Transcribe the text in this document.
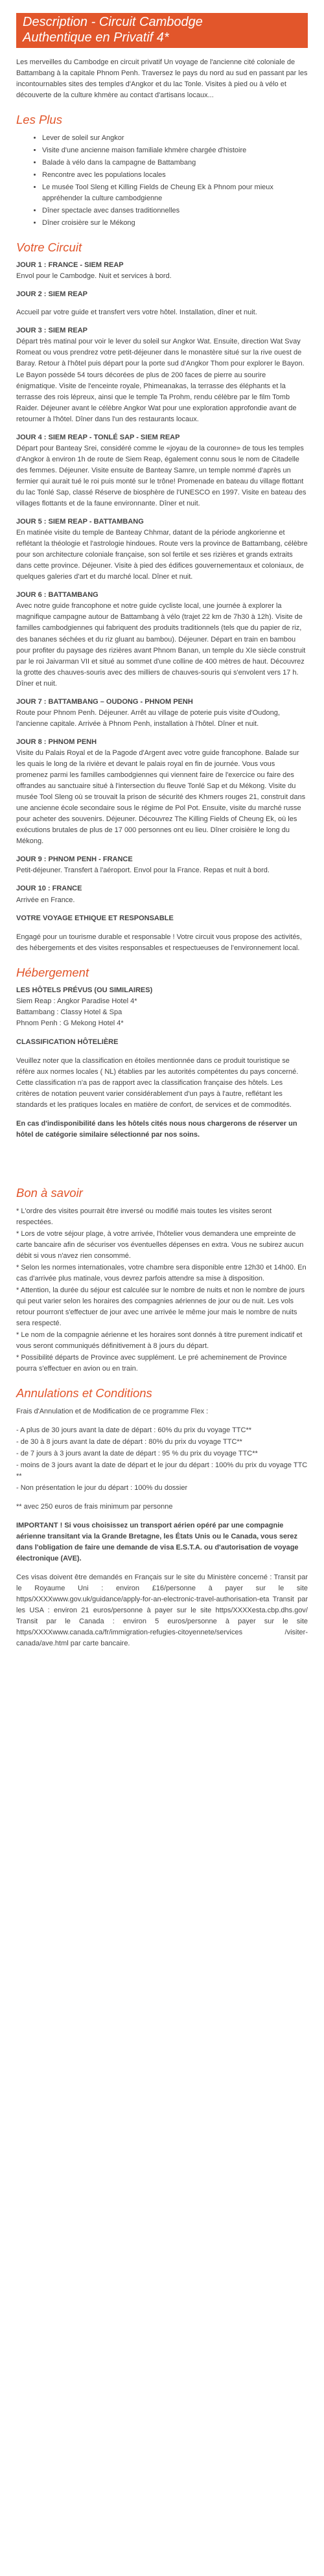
Description - Circuit Cambodge
Authentique en Privatif 4*

Les merveilles du Cambodge en circuit privatif Un voyage de l'ancienne cité coloniale de Battambang à la capitale Phnom Penh. Traversez le pays du nord au sud en passant par les incontournables sites des temples d'Angkor et du lac Tonle. Visites à pied ou à vélo et découverte de la culture khmère au contact d'artisans locaux...

Les Plus
• Lever de soleil sur Angkor
• Visite d'une ancienne maison familiale khmère chargée d'histoire
• Balade à vélo dans la campagne de Battambang
• Rencontre avec les populations locales
• Le musée Tool Sleng et Killing Fields de Cheung Ek à Phnom pour mieux appréhender la culture cambodgienne
• Dîner spectacle avec danses traditionnelles
• Dîner croisière sur le Mékong
Votre Circuit

JOUR 1 : FRANCE - SIEM REAP

Envol pour le Cambodge. Nuit et services à bord.

JOUR 2 : SIEM REAP

Accueil par votre guide et transfert vers votre hôtel. Installation, dîner et nuit.

JOUR 3 : SIEM REAP

Départ très matinal pour voir le lever du soleil sur Angkor Wat. Ensuite, direction Wat Svay Romeat ou vous prendrez votre petit-déjeuner dans le monastère situé sur la rive ouest de Baray. Retour à l'hôtel puis départ pour la porte sud d'Angkor Thom pour explorer le Bayon. Le Bayon possède 54 tours décorées de plus de 200 faces de pierre au sourire énigmatique. Visite de l'enceinte royale, Phimeanakas, la terrasse des éléphants et la terrasse des rois lépreux, ainsi que le temple Ta Prohm, rendu célèbre par le film Tomb Raider. Déjeuner avant le célèbre Angkor Wat pour une exploration approfondie avant de retourner à l'hôtel. Dîner dans l'un des restaurants locaux.

JOUR 4 : SIEM REAP - TONLÉ SAP - SIEM REAP

Départ pour Banteay Srei, considéré comme le «joyau de la couronne» de tous les temples d'Angkor à environ 1h de route de Siem Reap, également connu sous le nom de Citadelle des femmes. Déjeuner. Visite ensuite de Banteay Samre, un temple nommé d'après un fermier qui aurait tué le roi puis monté sur le trône! Promenade en bateau du village flottant du lac Tonlé Sap, classé Réserve de biosphère de l'UNESCO en 1997. Visite en bateau des villages flottants et de la faune environnante. Dîner et nuit.

JOUR 5 : SIEM REAP - BATTAMBANG

En matinée visite du temple de Banteay Chhmar, datant de la période angkorienne et reflétant la théologie et l'astrologie hindoues. Route vers la province de Battambang, célèbre pour son architecture coloniale française, son sol fertile et ses rizières et grands extraits dans cette province. Déjeuner. Visite à pied des édifices gouvernementaux et coloniaux, de quelques galeries d'art et du marché local. Dîner et nuit.

JOUR 6 : BATTAMBANG

Avec notre guide francophone et notre guide cycliste local, une journée à explorer la magnifique campagne autour de Battambang à vélo (trajet 22 km de 7h30 à 12h). Visite de familles cambodgiennes qui fabriquent des produits traditionnels (tels que du papier de riz, des bananes séchées et du riz gluant au bambou). Déjeuner. Départ en train en bambou pour profiter du paysage des rizières avant Phnom Banan, un temple du XIe siècle construit par le roi Jaivarman VII et situé au sommet d'une colline de 400 mètres de haut. Découvrez la grotte des chauves-souris avec des milliers de chauves-souris qui s'envolent vers 17 h. Dîner et nuit.

JOUR 7 : BATTAMBANG – OUDONG - PHNOM PENH

Route pour Phnom Penh. Déjeuner. Arrêt au village de poterie puis visite d'Oudong, l'ancienne capitale. Arrivée à Phnom Penh, installation à l'hôtel. Dîner et nuit.

JOUR 8 : PHNOM PENH

Visite du Palais Royal et de la Pagode d'Argent avec votre guide francophone. Balade sur les quais le long de la rivière et devant le palais royal en fin de journée. Vous vous promenez parmi les familles cambodgiennes qui viennent faire de l'exercice ou faire des offrandes au sanctuaire situé à l'intersection du fleuve Tonlé Sap et du Mékong. Visite du musée Tool Sleng où se trouvait la prison de sécurité des Khmers rouges 21, construit dans une ancienne école secondaire sous le régime de Pol Pot. Ensuite, visite du marché russe pour acheter des souvenirs. Déjeuner. Découvrez The Killing Fields of Cheung Ek, où les exécutions brutales de plus de 17 000 personnes ont eu lieu. Dîner croisière le long du Mékong.

JOUR 9 : PHNOM PENH - FRANCE

Petit-déjeuner. Transfert à l'aéroport. Envol pour la France. Repas et nuit à bord.

JOUR 10 : FRANCE

Arrivée en France.

VOTRE VOYAGE ETHIQUE ET RESPONSABLE

Engagé pour un tourisme durable et responsable ! Votre circuit vous propose des activités, des hébergements et des visites responsables et respectueuses de l'environnement local.

Hébergement

LES HÔTELS PRÉVUS (OU SIMILAIRES)

Siem Reap : Angkor Paradise Hotel 4*

Battambang : Classy Hotel & Spa

Phnom Penh : G Mekong Hotel 4*

CLASSIFICATION HÔTELIÈRE

Veuillez noter que la classification en étoiles mentionnée dans ce produit touristique se réfère aux normes locales ( NL) établies par les autorités compétentes du pays concerné. Cette classification n'a pas de rapport avec la classification française des hôtels. Les critères de notation peuvent varier considérablement d'un pays à l'autre, reflétant les standards et les pratiques locales en matière de confort, de services et de commodités.

En cas d'indisponibilité dans les hôtels cités nous nous chargerons de réserver un hôtel de catégorie similaire sélectionné par nos soins.

Bon à savoir

* L'ordre des visites pourrait être inversé ou modifié mais toutes les visites seront respectées.

* Lors de votre séjour plage, à votre arrivée, l'hôtelier vous demandera une empreinte de carte bancaire afin de sécuriser vos éventuelles dépenses en extra. Vous ne subirez aucun débit si vous n'avez rien consommé.

* Selon les normes internationales, votre chambre sera disponible entre 12h30 et 14h00. En cas d'arrivée plus matinale, vous devrez parfois attendre sa mise à disposition.

* Attention, la durée du séjour est calculée sur le nombre de nuits et non le nombre de jours qui peut varier selon les horaires des compagnies aériennes de jour ou de nuit. Les vols retour pourront s'effectuer de jour avec une arrivée le même jour mais le nombre de nuits sera respecté.

* Le nom de la compagnie aérienne et les horaires sont donnés à titre purement indicatif et vous seront communiqués définitivement à 8 jours du départ.

* Possibilité départs de Province avec supplément. Le pré acheminement de Province pourra s'effectuer en avion ou en train.

Annulations et Conditions

Frais d'Annulation et de Modification de ce programme Flex :

- A plus de 30 jours avant la date de départ : 60% du prix du voyage TTC**

- de 30 à 8 jours avant la date de départ : 80% du prix du voyage TTC**

- de 7 jours à 3 jours avant la date de départ : 95 % du prix du voyage TTC**

- moins de 3 jours avant la date de départ et le jour du départ : 100% du prix du voyage TTC **

- Non présentation le jour du départ : 100% du dossier

** avec 250 euros de frais minimum par personne

IMPORTANT ! Si vous choisissez un transport aérien opéré par une compagnie aérienne transitant via la Grande Bretagne, les États Unis ou le Canada, vous serez dans l'obligation de faire une demande de visa E.S.T.A. ou d'autorisation de voyage électronique (AVE).

Ces visas doivent être demandés en Français sur le site du Ministère concerné : Transit par le Royaume Uni : environ £16/personne à payer sur le site https/XXXXwww.gov.uk/guidance/apply-for-an-electronic-travel-authorisation-eta Transit par les USA : environ 21 euros/personne à payer sur le site https/XXXXesta.cbp.dhs.gov/ Transit par le Canada : environ 5 euros/personne à payer sur le site https/XXXXwww.canada.ca/fr/immigration-refugies-citoyennete/services /visiter-canada/ave.html par carte bancaire.
